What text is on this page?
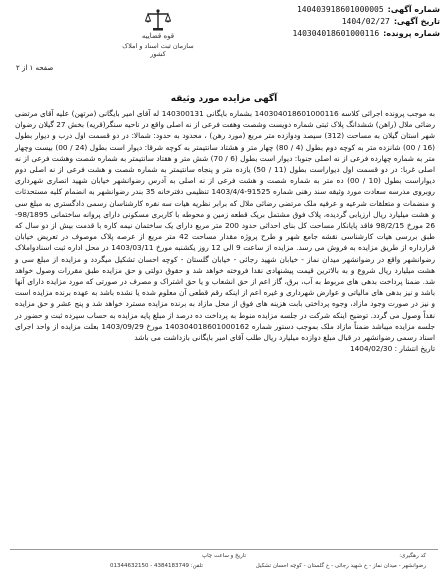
شماره آگهی:
140403918601000005
تاریخ آگهی:
1404/02/27
شماره پرونده:
140304018601000116
قوه قضاییه
سازمان ثبت اسناد و املاک کشور
صفحه ۱ از ۲
آگهی مزایده مورد وثیقه
به موجب پرونده اجرائی کلاسه 140304018601000116 بشماره بایگانی 140300131 له آقای امیر بایگانی (مرتهن) علیه آقای مرتضی رضائی ملال (راهن) ششدانگ پلاک ثبتی شماره دویست وشصت وهفت فرعی از نه اصلی واقع در ناحیه سنگر(قریه) بخش 27 گیلان رضوان شهر استان گیلان به مساحت (312) سیصد ودوازده متر مربع (مورد رهن) ، محدود به حدود: شمالا: در دو قسمت اول درب و دیوار بطول (16 / 00) شانزده متر به کوچه دوم بطول (4 / 80) چهار متر و هشتاد سانتیمتر به کوچه شرقا: دیوار است بطول (24 / 00) بیست وچهار متر به شماره چهارده فرعی از نه اصلی جنوبا: دیوار است بطول (6 / 70) شش متر و هفتاد سانتیمتر به شماره شصت وهشت فرعی از نه اصلی غربا: در دو قسمت اول دیواراست بطول (11 / 50) یازده متر و پنجاه سانتیمتر به شماره شصت و هشت فرعی از نه اصلی دوم دیواراست بطول (10 / 00) ده متر به شماره شصت و هشت فرعی از نه اصلی به آدرس رضوانشهر خیابان شهید انصاری شهرداری روبروی مدرسه سعادت مورد وثیقه سند رهنی شماره 91525-1403/4/4 تنظیمی دفترخانه 35 بندر رضوانشهر به انضمام کلیه مستحدثات و منضمات و متعلقات شرعیه و عرفیه ملک مرتضی رضائی ملال که برابر نظریه هیات سه نفره کارشناسان رسمی دادگستری به مبلغ سی و هشت میلیارد ریال ارزیابی گردیده، پلاک فوق مشتمل بریک قطعه زمین و محوطه با کاربری مسکونی دارای پروانه ساختمانی 98/1895-26 مورخ 98/2/15 فاقد پایانکار مساحت کل بنای احداثی حدود 200 متر مربع دارای یک ساختمان نیمه کاره با قدمت بیش از دو سال که طبق بررسی هیات کارشناسی نقشه جامع شهر و طرح پروژه مقدار مساحت 42 متر مربع از عرصه پلاک موصوف در تعریض خیابان قرارداره از طریق مزایده به فروش می رسد. مزایده از ساعت 9 الی 12 روز یکشنبه مورخ 1403/03/11 در محل اداره ثبت اسنادواملاک رضوانشهر واقع در رضوانشهر میدان نماز - خیابان شهید رجائی - خیابان گلستان - کوچه احسان تشکیل میگردد و مزایده از مبلغ سی و هشت میلیارد ریال شروع و به بالاترین قیمت پیشنهادی نقدا فروخته خواهد شد و حقوق دولتی و حق مزایده طبق مقررات وصول خواهد شد. ضمنا پرداخت بدهی های مربوط به آب، برق، گاز اعم از حق انشعاب و یا حق اشتراک و مصرف در صورتی که مورد مزایده دارای آنها باشد و نیز بدهی های مالیاتی و عوارض شهرداری و غیره اعم از اینکه رقم قطعی آن معلوم شده یا نشده باشد به عهده برنده مزایده است و نیز در صورت وجود مازاد، وجوه پرداختی بابت هزینه های فوق از محل مازاد به برنده مزایده مسترد خواهد شد و پنج عشر و حق مزایده نقداً وصول می گردد. توضیح اینکه شرکت در جلسه مزایده منوط به پرداخت ده درصد از مبلغ پایه مزایده به حساب سپرده ثبت و حضور در جلسه مزایده میباشد ضمناً مازاد ملک بموجب دستور شماره 140304018601000162 مورخ 1403/09/29 بعلت مزایده از واحد اجرای اسناد رسمی رضوانشهر در قبال مبلغ دوازده میلیارد ریال طلب آقای امیر بایگانی بازداشت می باشد
تاریخ انتشار : 1404/02/30
کد رهگیری:
تاریخ و ساعت چاپ
رضوانشهر - میدان نماز - خ شهید رجائی - خ گلستان - کوچه احسان تشکیل
تلفن: 4384183749 - 01344632150
